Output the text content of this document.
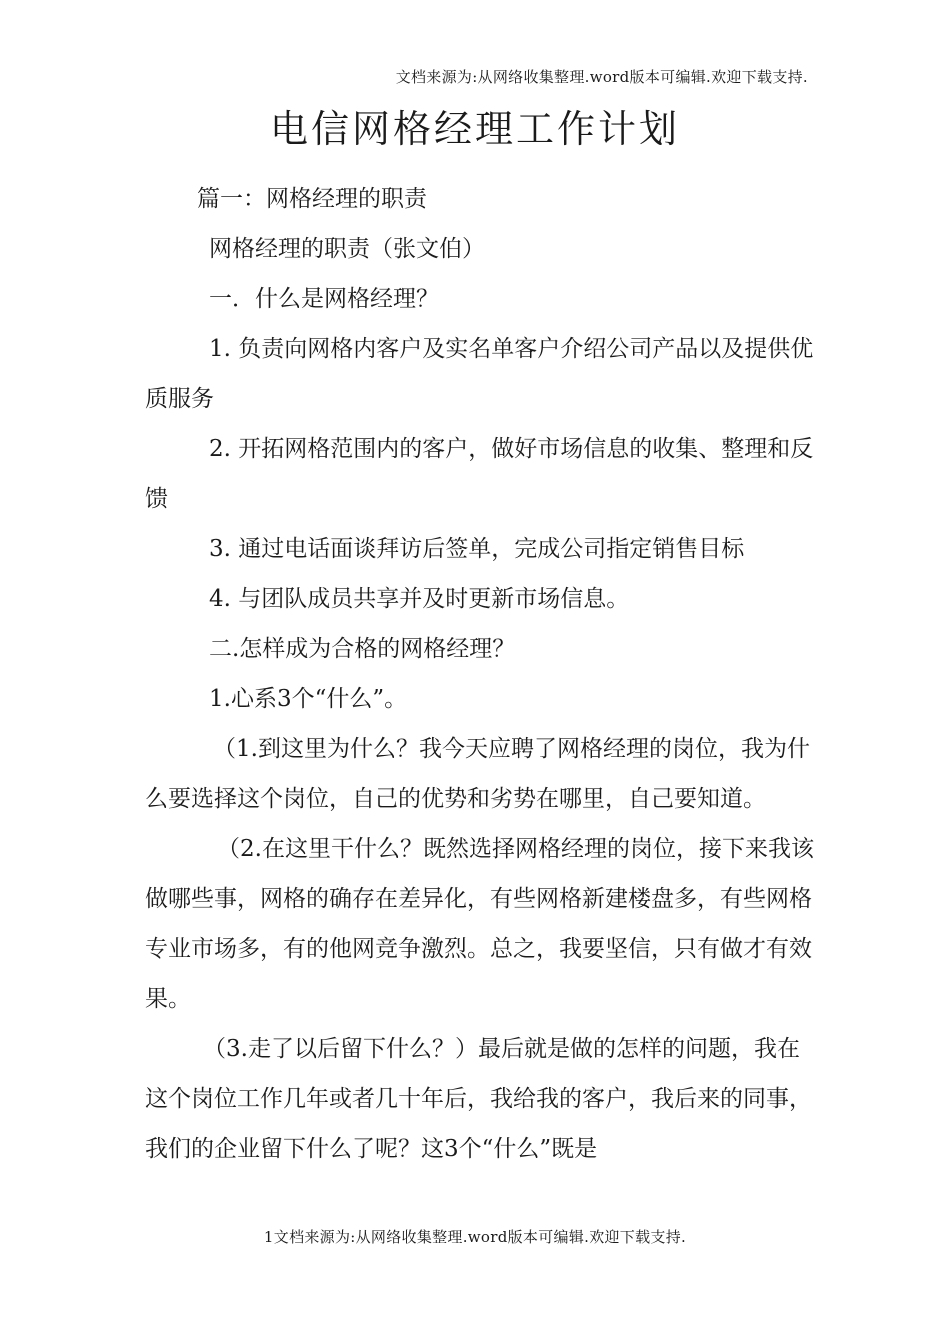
文档来源为:从网络收集整理.word版本可编辑.欢迎下载支持.
电信网格经理工作计划

篇一：网格经理的职责

网格经理的职责（张文伯）

一．什么是网格经理？

1. 负责向网格内客户及实名单客户介绍公司产品以及提供优质服务

2. 开拓网格范围内的客户，做好市场信息的收集、整理和反馈

3. 通过电话面谈拜访后签单，完成公司指定销售目标

4. 与团队成员共享并及时更新市场信息。

二.怎样成为合格的网格经理？

1.心系3个“什么”。

（1.到这里为什么？我今天应聘了网格经理的岗位，我为什么要选择这个岗位，自己的优势和劣势在哪里，自己要知道。

（2.在这里干什么？既然选择网格经理的岗位，接下来我该做哪些事，网格的确存在差异化，有些网格新建楼盘多，有些网格专业市场多，有的他网竞争激烈。总之，我要坚信，只有做才有效果。

（3.走了以后留下什么？）最后就是做的怎样的问题，我在这个岗位工作几年或者几十年后，我给我的客户，我后来的同事，我们的企业留下什么了呢？这3个“什么”既是

1文档来源为:从网络收集整理.word版本可编辑.欢迎下载支持.
